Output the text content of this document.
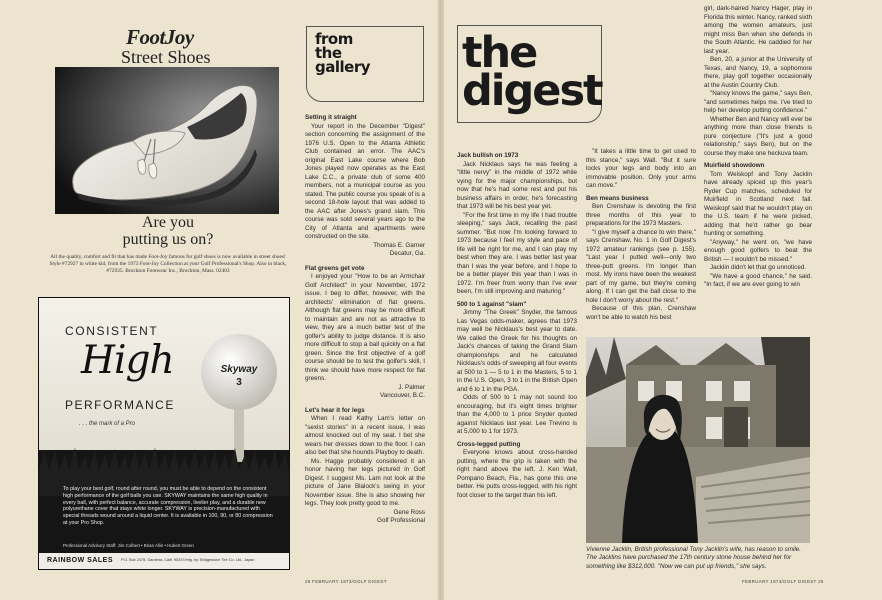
FootJoy
Street Shoes
Are you
putting us on?
All the quality, comfort and fit that has made Foot-Joy famous for golf shoes is now available in street shoes! Style #72927 in white kid, from the 1973 Foot-Joy Collection at your Golf Professional's Shop. Also in black, #72935. Brockton Footwear Inc., Brockton, Mass. 02403
CONSISTENT
High
PERFORMANCE
. . . the mark of a Pro
Skyway
3
To play your best golf, round after round, you must be able to depend on the consistent high performance of the golf balls you use. SKYWAY maintains the same high quality in every ball, with perfect balance, accurate compression, livelier play, and a durable new polyurethane cover that stays white longer. SKYWAY is precision-manufactured with special threads wound around a liquid center. It is available in 100, 90, or 80 compression at your Pro Shop.
Professional Advisory Staff: Jim Colbert • Brian Allin • Hubert Green
RAINBOW SALES P.O. Box 2475, Gardena, Calif. 90247/mfg. by: Bridgestone Tire Co. Ltd., Japan
from
the
gallery
Setting it straight
Your report in the December "Digest" section concerning the assignment of the 1976 U.S. Open to the Atlanta Athletic Club contained an error. The AAC's original East Lake course where Bob Jones played now operates as the East Lake C.C., a private club of some 400 members, not a municipal course as you stated. The public course you speak of is a second 18-hole layout that was added to the AAC after Jones's grand slam. This course was sold several years ago to the City of Atlanta and apartments were constructed on the site.
Thomas E. Garner
Decatur, Ga.
Flat greens get vote
I enjoyed your "How to be an Armchair Golf Architect" in your November, 1972 issue. I beg to differ, however, with the architects' elimination of flat greens. Although flat greens may be more difficult to maintain and are not as attractive to view, they are a much better test of the golfer's ability to judge distance. It is also more difficult to stop a ball quickly on a flat green. Since the first objective of a golf course should be to test the golfer's skill, I think we should have more respect for flat greens.
J. Palmer
Vancouver, B.C.
Let's hear it for legs
When I read Kathy Lam's letter on "sexist stories" in a recent issue, I was almost knocked out of my seat. I bet she wears her dresses down to the floor. I can also bet that she hounds Playboy to death.
Ms. Hagge probably considered it an honor having her legs pictured in Golf Digest. I suggest Ms. Lam not look at the picture of Jane Blalock's swing in your November issue. She is also showing her legs. They look pretty good to me.
Gene Ross
Golf Professional
26 FEBRUARY 1973/GOLF DIGEST
the
digest
Jack bullish on 1973
Jack Nicklaus says he was feeling a "little nervy" in the middle of 1972 while vying for the major championships, but now that he's had some rest and put his business affairs in order, he's forecasting that 1973 will be his best year yet.
"For the first time in my life I had trouble sleeping," says Jack, recalling the past summer. "But now I'm looking forward to 1973 because I feel my style and pace of life will be right for me, and I can play my best when they are. I was better last year than I was the year before, and I hope to be a better player this year than I was in 1972. I'm freer from worry than I've ever been, I'm still improving and maturing."
500 to 1 against "slam"
Jimmy "The Greek" Snyder, the famous Las Vegas odds-maker, agrees that 1973 may well be Nicklaus's best year to date. We called the Greek for his thoughts on Jack's chances of taking the Grand Slam championships and he calculated Nicklaus's odds of sweeping all four events at 500 to 1 — 5 to 1 in the Masters, 5 to 1 in the U.S. Open, 3 to 1 in the British Open and 6 to 1 in the PGA.
Odds of 500 to 1 may not sound too encouraging, but it's eight times brighter than the 4,000 to 1 price Snyder quoted against Nicklaus last year. Lee Trevino is at 5,000 to 1 for 1973.
Cross-legged putting
Everyone knows about cross-handed putting, where the grip is taken with the right hand above the left. J. Ken Wall, Pompano Beach, Fla., has gone this one better. He putts cross-legged, with his right foot closer to the target than his left.
"It takes a little time to get used to this stance," says Wall. "But it sure locks your legs and body into an immovable position. Only your arms can move."
Ben means business
Ben Crenshaw is devoting the first three months of this year to preparations for the 1973 Masters.
"I give myself a chance to win there," says Crenshaw, No. 1 in Golf Digest's 1972 amateur rankings (see p. 155). "Last year I putted well—only two three-putt greens. I'm longer than most. My irons have been the weakest part of my game, but they're coming along. If I can get the ball close to the hole I don't worry about the rest."
Because of this plan, Crenshaw won't be able to watch his best
girl, dark-haired Nancy Hager, play in Florida this winter. Nancy, ranked sixth among the women amateurs, just might miss Ben when she defends in the South Atlantic. He caddied for her last year.
Ben, 20, a junior at the University of Texas, and Nancy, 19, a sophomore there, play golf together occasionally at the Austin Country Club.
"Nancy knows the game," says Ben, "and sometimes helps me. I've tried to help her develop putting confidence."
Whether Ben and Nancy will ever be anything more than close friends is pure conjecture ("It's just a good relationship," says Ben), but on the course they make one heckuva team.
Muirfield showdown
Tom Weiskopf and Tony Jacklin have already spiced up this year's Ryder Cup matches, scheduled for Muirfield in Scotland next fall. Weiskopf said that he wouldn't play on the U.S. team if he were picked, adding that he'd rather go bear hunting or something.
"Anyway," he went on, "we have enough good golfers to beat the British — I wouldn't be missed."
Jacklin didn't let that go unnoticed.
"We have a good chance," he said. "In fact, if we are ever going to win
Vivienne Jacklin, British professional Tony Jacklin's wife, has reason to smile. The Jacklins have purchased the 17th century stone house behind her for something like $312,000. "Now we can put up friends," she says.
FEBRUARY 1973/GOLF DIGEST 25
